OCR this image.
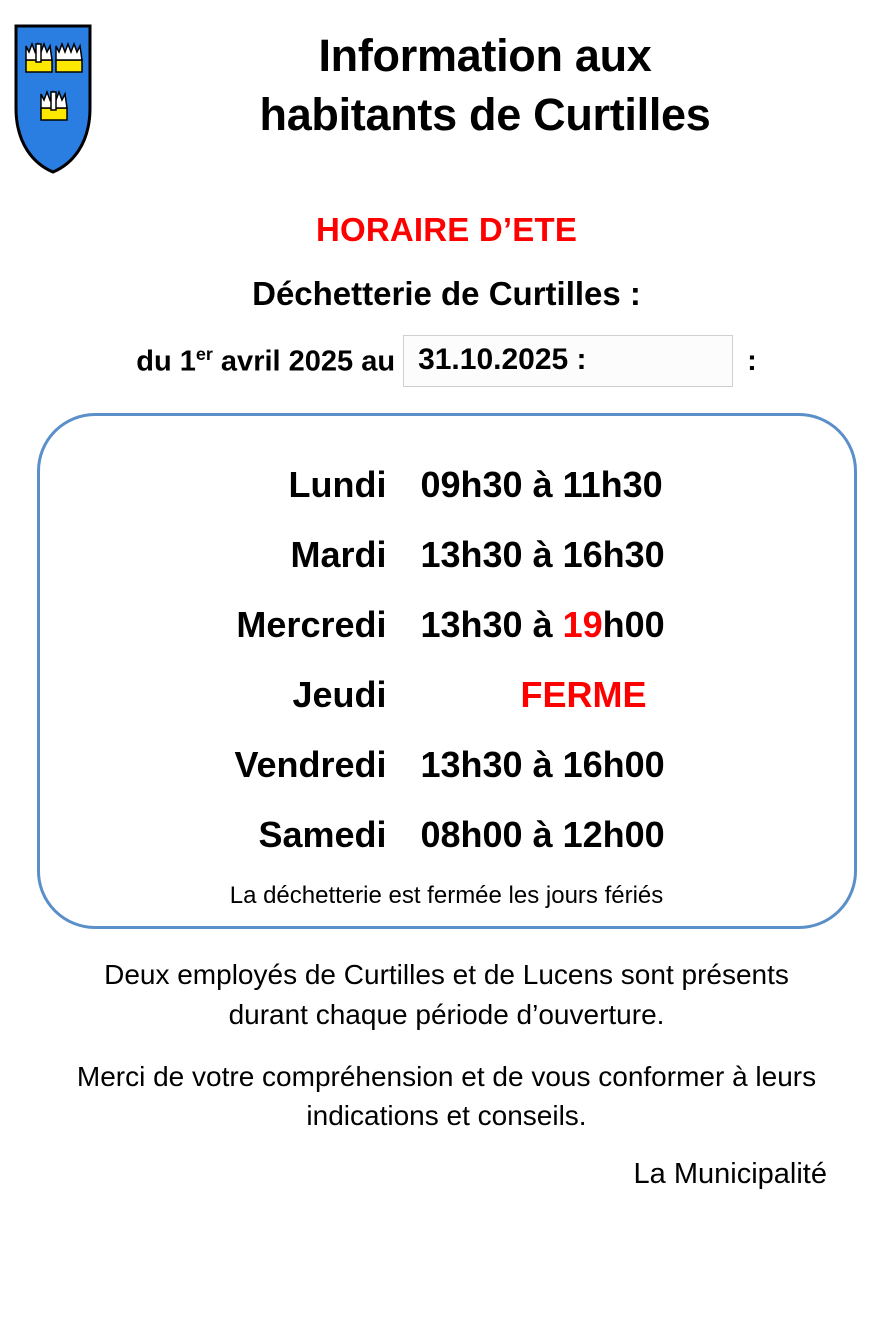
Information aux
habitants de Curtilles
HORAIRE D’ETE
Déchetterie de Curtilles :
du 1er avril 2025 au 31.10.2025 :	:
Lundi	09h30 à 11h30
Mardi	13h30 à 16h30
Mercredi	13h30 à 19h00
Jeudi	FERME
Vendredi	13h30 à 16h00
Samedi	08h00 à 12h00
La déchetterie est fermée les jours fériés

Deux employés de Curtilles et de Lucens sont présents durant chaque période d’ouverture.

Merci de votre compréhension et de vous conformer à leurs indications et conseils.

La Municipalité
